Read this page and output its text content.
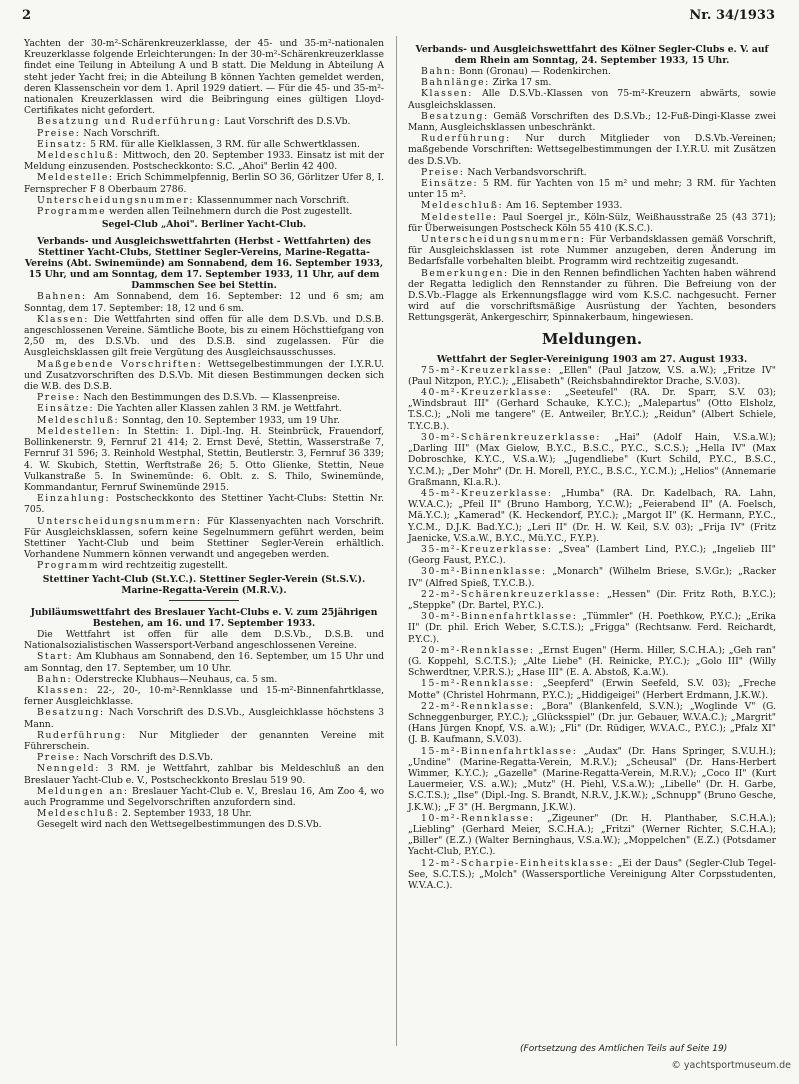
2	Nr. 34/1933

Yachten der 30-m²-Schärenkreuzerklasse, der 45- und 35-m²-nationalen Kreuzerklasse folgende Erleichterungen: In der 30-m²-Schärenkreuzerklasse findet eine Teilung in Abteilung A und B statt. Die Meldung in Abteilung A steht jeder Yacht frei; in die Abteilung B können Yachten gemeldet werden, deren Klassenschein vor dem 1. April 1929 datiert. — Für die 45- und 35-m²-nationalen Kreuzerklassen wird die Beibringung eines gültigen Lloyd-Certifikates nicht gefordert.

Besatzung und Ruderführung: Laut Vorschrift des D.S.Vb.

Preise: Nach Vorschrift.

Einsatz: 5 RM. für alle Kielklassen, 3 RM. für alle Schwertklassen.

Meldeschluß: Mittwoch, den 20. September 1933. Einsatz ist mit der Meldung einzusenden. Postscheckkonto: S.C. „Ahoi" Berlin 42 400.

Meldestelle: Erich Schimmelpfennig, Berlin SO 36, Görlitzer Ufer 8, I. Fernsprecher F 8 Oberbaum 2786.

Unterscheidungsnummer: Klassennummer nach Vorschrift.

Programme werden allen Teilnehmern durch die Post zugestellt.

Segel-Club „Ahoi". Berliner Yacht-Club.

Verbands- und Ausgleichswettfahrten (Herbst - Wettfahrten) des Stettiner Yacht-Clubs, Stettiner Segler-Vereins, Marine-Regatta-Vereins (Abt. Swinemünde) am Sonnabend, dem 16. September 1933, 15 Uhr, und am Sonntag, dem 17. September 1933, 11 Uhr, auf dem Dammschen See bei Stettin.

Bahnen: Am Sonnabend, dem 16. September: 12 und 6 sm; am Sonntag, dem 17. September: 18, 12 und 6 sm.

Klassen: Die Wettfahrten sind offen für alle dem D.S.Vb. und D.S.B. angeschlossenen Vereine. Sämtliche Boote, bis zu einem Höchsttiefgang von 2,50 m, des D.S.Vb. und des D.S.B. sind zugelassen. Für die Ausgleichsklassen gilt freie Vergütung des Ausgleichsausschusses.

Maßgebende Vorschriften: Wettsegelbestimmungen der I.Y.R.U. und Zusatzvorschriften des D.S.Vb. Mit diesen Bestimmungen decken sich die W.B. des D.S.B.

Preise: Nach den Bestimmungen des D.S.Vb. — Klassenpreise.

Einsätze: Die Yachten aller Klassen zahlen 3 RM. je Wettfahrt.

Meldeschluß: Sonntag, den 10. September 1933, um 19 Uhr.

Meldestellen: In Stettin: 1. Dipl.-Ing. H. Steinbrück, Frauendorf, Bollinkenerstr. 9, Fernruf 21 414; 2. Ernst Devé, Stettin, Wasserstraße 7, Fernruf 31 596; 3. Reinhold Westphal, Stettin, Beutlerstr. 3, Fernruf 36 339; 4. W. Skubich, Stettin, Werftstraße 26; 5. Otto Glienke, Stettin, Neue Vulkanstraße 5. In Swinemünde: 6. Oblt. z. S. Thilo, Swinemünde, Kommandantur, Fernruf Swinemünde 2915.

Einzahlung: Postscheckkonto des Stettiner Yacht-Clubs: Stettin Nr. 705.

Unterscheidungsnummern: Für Klassenyachten nach Vorschrift. Für Ausgleichsklassen, sofern keine Segelnummern geführt werden, beim Stettiner Yacht-Club und beim Stettiner Segler-Verein erhältlich. Vorhandene Nummern können verwandt und angegeben werden.

Programm wird rechtzeitig zugestellt.

Stettiner Yacht-Club (St.Y.C.). Stettiner Segler-Verein (St.S.V.). Marine-Regatta-Verein (M.R.V.).

Jubiläumswettfahrt des Breslauer Yacht-Clubs e. V. zum 25jährigen Bestehen, am 16. und 17. September 1933.

Die Wettfahrt ist offen für alle dem D.S.Vb., D.S.B. und Nationalsozialistischen Wassersport-Verband angeschlossenen Vereine.

Start: Am Klubhaus am Sonnabend, den 16. September, um 15 Uhr und am Sonntag, den 17. September, um 10 Uhr.

Bahn: Oderstrecke Klubhaus—Neuhaus, ca. 5 sm.

Klassen: 22-, 20-, 10-m²-Rennklasse und 15-m²-Binnenfahrtklasse, ferner Ausgleichklasse.

Besatzung: Nach Vorschrift des D.S.Vb., Ausgleichklasse höchstens 3 Mann.

Ruderführung: Nur Mitglieder der genannten Vereine mit Führerschein.

Preise: Nach Vorschrift des D.S.Vb.

Nenngeld: 3 RM. je Wettfahrt, zahlbar bis Meldeschluß an den Breslauer Yacht-Club e. V., Postscheckkonto Breslau 519 90.

Meldungen an: Breslauer Yacht-Club e. V., Breslau 16, Am Zoo 4, wo auch Programme und Segelvorschriften anzufordern sind.

Meldeschluß: 2. September 1933, 18 Uhr.

Gesegelt wird nach den Wettsegelbestimmungen des D.S.Vb.

Verbands- und Ausgleichswettfahrt des Kölner Segler-Clubs e. V. auf dem Rhein am Sonntag, 24. September 1933, 15 Uhr.

Bahn: Bonn (Gronau) — Rodenkirchen.

Bahnlänge: Zirka 17 sm.

Klassen: Alle D.S.Vb.-Klassen von 75-m²-Kreuzern abwärts, sowie Ausgleichsklassen.

Besatzung: Gemäß Vorschriften des D.S.Vb.; 12-Fuß-Dingi-Klasse zwei Mann, Ausgleichsklassen unbeschränkt.

Ruderführung: Nur durch Mitglieder von D.S.Vb.-Vereinen; maßgebende Vorschriften: Wettsegelbestimmungen der I.Y.R.U. mit Zusätzen des D.S.Vb.

Preise: Nach Verbandsvorschrift.

Einsätze: 5 RM. für Yachten von 15 m² und mehr; 3 RM. für Yachten unter 15 m².

Meldeschluß: Am 16. September 1933.

Meldestelle: Paul Soergel jr., Köln-Sülz, Weißhausstraße 25 (43 371); für Überweisungen Postscheck Köln 55 410 (K.S.C.).

Unterscheidungsnummern: Für Verbandsklassen gemäß Vorschrift, für Ausgleichsklassen ist rote Nummer anzugeben, deren Änderung im Bedarfsfalle vorbehalten bleibt. Programm wird rechtzeitig zugesandt.

Bemerkungen: Die in den Rennen befindlichen Yachten haben während der Regatta lediglich den Rennstander zu führen. Die Befreiung von der D.S.Vb.-Flagge als Erkennungsflagge wird vom K.S.C. nachgesucht. Ferner wird auf die vorschriftsmäßige Ausrüstung der Yachten, besonders Rettungsgerät, Ankergeschirr, Spinnakerbaum, hingewiesen.

Meldungen.

Wettfahrt der Segler-Vereinigung 1903 am 27. August 1933.

75-m²-Kreuzerklasse: „Ellen" (Paul Jatzow, V.S. a.W.); „Fritze IV" (Paul Nitzpon, P.Y.C.); „Elisabeth" (Reichsbahndirektor Drache, S.V.03).

40-m²-Kreuzerklasse: „Seeteufel" (RA. Dr. Sparr, S.V. 03); „Windsbraut III" (Gerhard Schauke, K.Y.C.); „Malepartus" (Otto Elsholz, T.S.C.); „Noli me tangere" (E. Antweiler, Br.Y.C.); „Reidun" (Albert Schiele, T.Y.C.B.).

30-m²-Schärenkreuzerklasse: „Hai" (Adolf Hain, V.S.a.W.); „Darling III" (Max Gielow, B.Y.C., B.S.C., P.Y.C., S.C.S.); „Hella IV" (Max Dobroschke, K.Y.C., V.S.a.W.); „Jugendliebe" (Kurt Schild, P.Y.C., B.S.C., Y.C.M.); „Der Mohr" (Dr. H. Morell, P.Y.C., B.S.C., Y.C.M.); „Helios" (Annemarie Graßmann, Kl.a.R.).

45-m²-Kreuzerklasse: „Humba" (RA. Dr. Kadelbach, RA. Lahn, W.V.A.C.); „Pfeil II" (Bruno Hamborg, Y.C.W.); „Feierabend II" (A. Foelsch, Mä.Y.C.); „Kamerad" (K. Heckendorf, P.Y.C.); „Margot II" (K. Hermann, P.Y.C., Y.C.M., D.J.K. Bad.Y.C.); „Leri II" (Dr. H. W. Keil, S.V. 03); „Frija IV" (Fritz Jaenicke, V.S.a.W., B.Y.C., Mü.Y.C., F.Y.P.).

35-m²-Kreuzerklasse: „Svea" (Lambert Lind, P.Y.C.); „Ingelieb III" (Georg Faust, P.Y.C.).

30-m²-Binnenklasse: „Monarch" (Wilhelm Briese, S.V.Gr.); „Racker IV" (Alfred Spieß, T.Y.C.B.).

22-m²-Schärenkreuzerklasse: „Hessen" (Dir. Fritz Roth, B.Y.C.); „Steppke" (Dr. Bartel, P.Y.C.).

30-m²-Binnenfahrtklasse: „Tümmler" (H. Poethkow, P.Y.C.); „Erika II" (Dr. phil. Erich Weber, S.C.T.S.); „Frigga" (Rechtsanw. Ferd. Reichardt, P.Y.C.).

20-m²-Rennklasse: „Ernst Eugen" (Herm. Hiller, S.C.H.A.); „Geh ran" (G. Koppehl, S.C.T.S.); „Alte Liebe" (H. Reinicke, P.Y.C.); „Golo III" (Willy Schwerdtner, V.P.R.S.); „Hase III" (E. A. Abstoß, K.a.W.).

15-m²-Rennklasse: „Seepferd" (Erwin Seefeld, S.V. 03); „Freche Motte" (Christel Hohrmann, P.Y.C.); „Hiddigeigei" (Herbert Erdmann, J.K.W.).

22-m²-Rennklasse: „Bora" (Blankenfeld, S.V.N.); „Woglinde V" (G. Schneggenburger, P.Y.C.); „Glücksspiel" (Dr. jur. Gebauer, W.V.A.C.); „Margrit" (Hans Jürgen Knopf, V.S. a.W.); „Fli" (Dr. Rüdiger, W.V.A.C., P.Y.C.); „Pfalz XI" (J. B. Kaufmann, S.V.03).

15-m²-Binnenfahrtklasse: „Audax" (Dr. Hans Springer, S.V.U.H.); „Undine" (Marine-Regatta-Verein, M.R.V.); „Scheusal" (Dr. Hans-Herbert Wimmer, K.Y.C.); „Gazelle" (Marine-Regatta-Verein, M.R.V.); „Coco II" (Kurt Lauermeier, V.S. a.W.); „Mutz" (H. Piehl, V.S.a.W.); „Libelle" (Dr. H. Garbe, S.C.T.S.); „Ilse" (Dipl.-Ing. S. Brandt, N.R.V., J.K.W.); „Schnupp" (Bruno Gesche, J.K.W.); „F 3" (H. Bergmann, J.K.W.).

10-m²-Rennklasse: „Zigeuner" (Dr. H. Planthaber, S.C.H.A.); „Liebling" (Gerhard Meier, S.C.H.A.); „Fritzi" (Werner Richter, S.C.H.A.); „Biller" (E.Z.) (Walter Berninghaus, V.S.a.W.); „Moppelchen" (E.Z.) (Potsdamer Yacht-Club, P.Y.C.).

12-m²-Scharpie-Einheitsklasse: „Ei der Daus" (Segler-Club Tegel-See, S.C.T.S.); „Molch" (Wassersportliche Vereinigung Alter Corpsstudenten, W.V.A.C.).

(Fortsetzung des Amtlichen Teils auf Seite 19)
© yachtsportmuseum.de
